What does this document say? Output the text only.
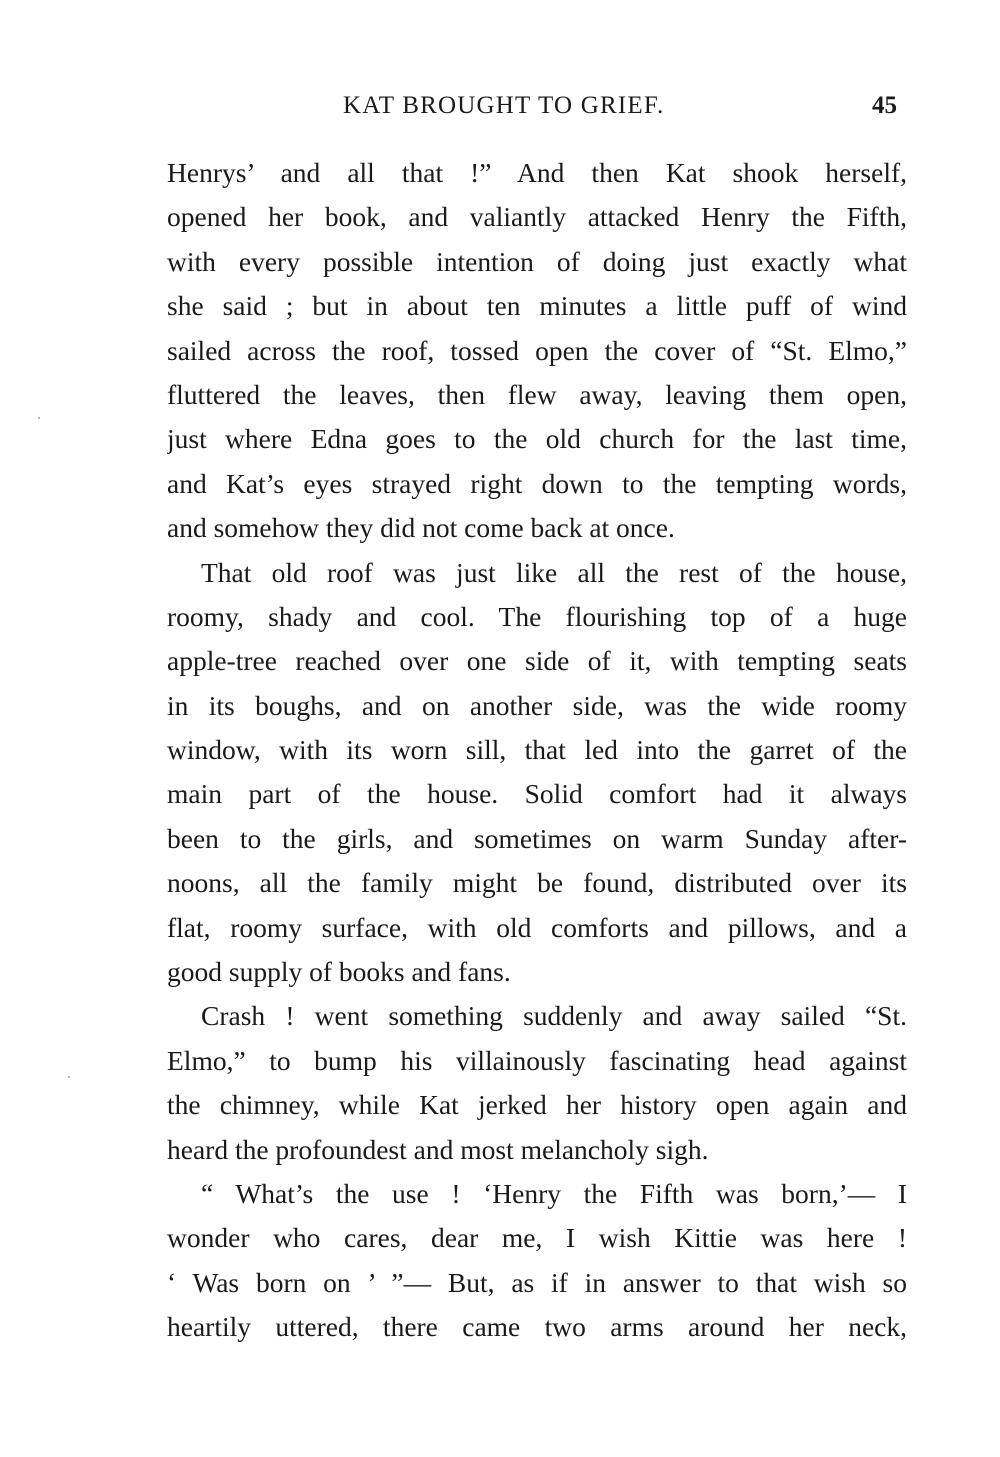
KAT BROUGHT TO GRIEF.	45
Henrys’ and all that !” And then Kat shook herself,
opened her book, and valiantly attacked Henry the Fifth,
with every possible intention of doing just exactly what
she said ; but in about ten minutes a little puff of wind
sailed across the roof, tossed open the cover of “St. Elmo,”
fluttered the leaves, then flew away, leaving them open,
just where Edna goes to the old church for the last time,
and Kat’s eyes strayed right down to the tempting words,
and somehow they did not come back at once.
That old roof was just like all the rest of the house,
roomy, shady and cool. The flourishing top of a huge
apple-tree reached over one side of it, with tempting seats
in its boughs, and on another side, was the wide roomy
window, with its worn sill, that led into the garret of the
main part of the house. Solid comfort had it always
been to the girls, and sometimes on warm Sunday after-
noons, all the family might be found, distributed over its
flat, roomy surface, with old comforts and pillows, and a
good supply of books and fans.
Crash ! went something suddenly and away sailed “St.
Elmo,” to bump his villainously fascinating head against
the chimney, while Kat jerked her history open again and
heard the profoundest and most melancholy sigh.
“ What’s the use ! ‘Henry the Fifth was born,’— I
wonder who cares, dear me, I wish Kittie was here !
‘ Was born on ’ ”— But, as if in answer to that wish so
heartily uttered, there came two arms around her neck,
